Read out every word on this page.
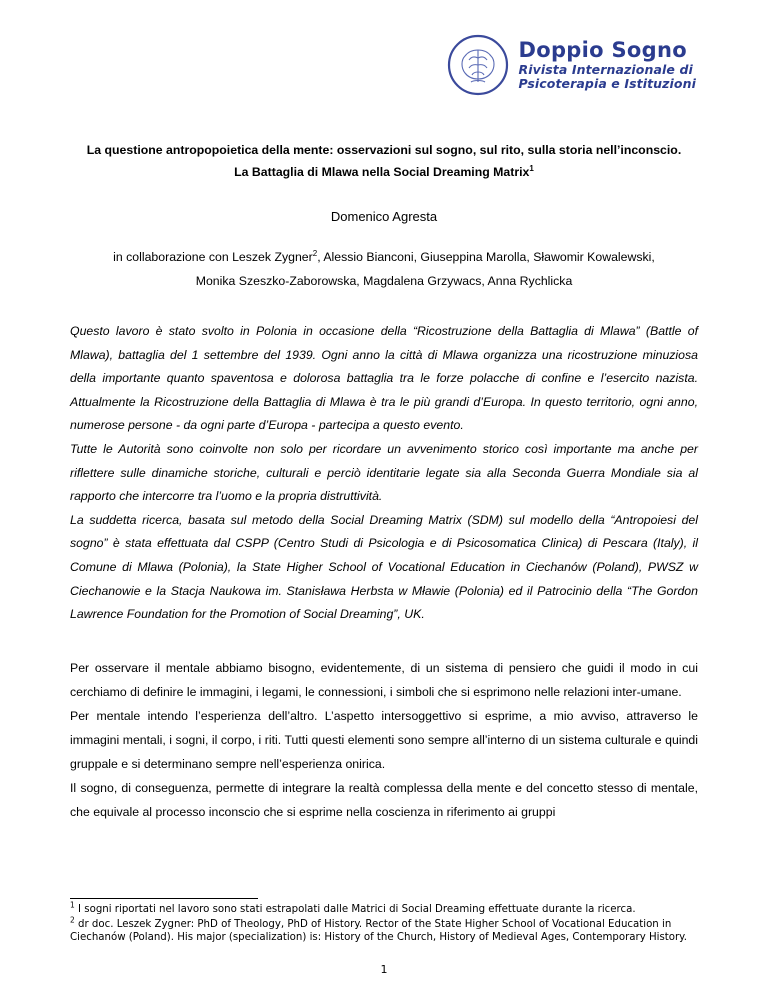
Doppio Sogno
Rivista Internazionale di
Psicoterapia e Istituzioni
La questione antropopoietica della mente: osservazioni sul sogno, sul rito, sulla storia nell’inconscio.
La Battaglia di Mlawa nella Social Dreaming Matrix$^1$
Domenico Agresta
in collaborazione con Leszek Zygner$^2$, Alessio Bianconi, Giuseppina Marolla, Sławomir Kowalewski,
Monika Szeszko-Zaborowska, Magdalena Grzywacs, Anna Rychlicka

Questo lavoro è stato svolto in Polonia in occasione della “Ricostruzione della Battaglia di Mlawa” (Battle of Mlawa), battaglia del 1 settembre del 1939. Ogni anno la città di Mlawa organizza una ricostruzione minuziosa della importante quanto spaventosa e dolorosa battaglia tra le forze polacche di confine e l’esercito nazista. Attualmente la Ricostruzione della Battaglia di Mlawa è tra le più grandi d’Europa. In questo territorio, ogni anno, numerose persone - da ogni parte d’Europa - partecipa a questo evento.

Tutte le Autorità sono coinvolte non solo per ricordare un avvenimento storico così importante ma anche per riflettere sulle dinamiche storiche, culturali e perciò identitarie legate sia alla Seconda Guerra Mondiale sia al rapporto che intercorre tra l’uomo e la propria distruttività.

La suddetta ricerca, basata sul metodo della Social Dreaming Matrix (SDM) sul modello della “Antropoiesi del sogno” è stata effettuata dal CSPP (Centro Studi di Psicologia e di Psicosomatica Clinica) di Pescara (Italy), il Comune di Mlawa (Polonia), la State Higher School of Vocational Education in Ciechanów (Poland), PWSZ w Ciechanowie e la Stacja Naukowa im. Stanisława Herbsta w Mławie (Polonia) ed il Patrocinio della “The Gordon Lawrence Foundation for the Promotion of Social Dreaming”, UK.

Per osservare il mentale abbiamo bisogno, evidentemente, di un sistema di pensiero che guidi il modo in cui cerchiamo di definire le immagini, i legami, le connessioni, i simboli che si esprimono nelle relazioni inter-umane.

Per mentale intendo l’esperienza dell’altro. L’aspetto intersoggettivo si esprime, a mio avviso, attraverso le immagini mentali, i sogni, il corpo, i riti. Tutti questi elementi sono sempre all’interno di un sistema culturale e quindi gruppale e si determinano sempre nell’esperienza onirica.

Il sogno, di conseguenza, permette di integrare la realtà complessa della mente e del concetto stesso di mentale, che equivale al processo inconscio che si esprime nella coscienza in riferimento ai gruppi

$^1$ I sogni riportati nel lavoro sono stati estrapolati dalle Matrici di Social Dreaming effettuate durante la ricerca.
$^2$ dr doc. Leszek Zygner: PhD of Theology, PhD of History. Rector of the State Higher School of Vocational Education in Ciechanów (Poland). His major (specialization) is: History of the Church, History of Medieval Ages, Contemporary History.
1
